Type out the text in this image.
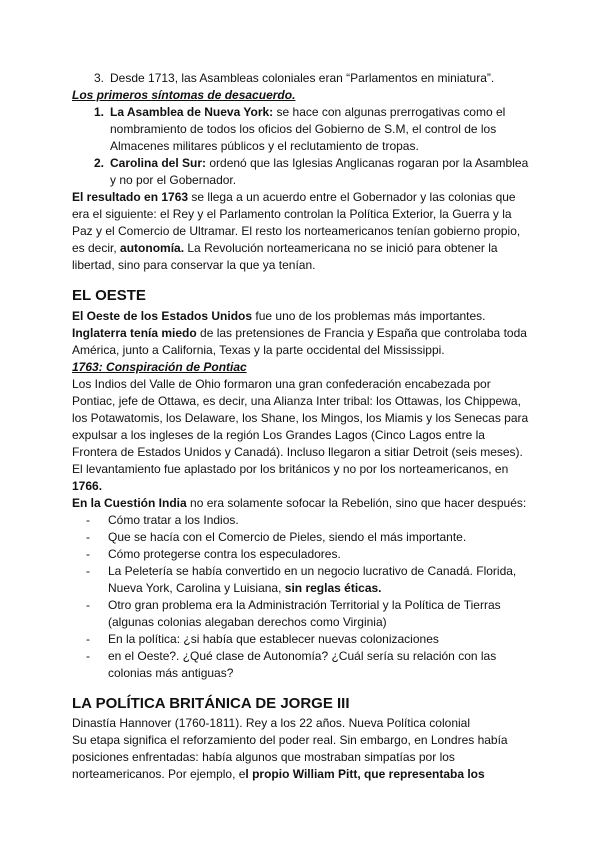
3. Desde 1713, las Asambleas coloniales eran “Parlamentos en miniatura”.

Los primeros síntomas de desacuerdo.

1. La Asamblea de Nueva York: se hace con algunas prerrogativas como el nombramiento de todos los oficios del Gobierno de S.M, el control de los Almacenes militares públicos y el reclutamiento de tropas.
2. Carolina del Sur: ordenó que las Iglesias Anglicanas rogaran por la Asamblea y no por el Gobernador.

El resultado en 1763 se llega a un acuerdo entre el Gobernador y las colonias que era el siguiente: el Rey y el Parlamento controlan la Política Exterior, la Guerra y la Paz y el Comercio de Ultramar. El resto los norteamericanos tenían gobierno propio, es decir, autonomía. La Revolución norteamericana no se inició para obtener la libertad, sino para conservar la que ya tenían.

EL OESTE

El Oeste de los Estados Unidos fue uno de los problemas más importantes.

Inglaterra tenía miedo de las pretensiones de Francia y España que controlaba toda América, junto a California, Texas y la parte occidental del Mississippi.

1763: Conspiración de Pontiac

Los Indios del Valle de Ohio formaron una gran confederación encabezada por Pontiac, jefe de Ottawa, es decir, una Alianza Inter tribal: los Ottawas, los Chippewa, los Potawatomis, los Delaware, los Shane, los Mingos, los Miamis y los Senecas para expulsar a los ingleses de la región Los Grandes Lagos (Cinco Lagos entre la Frontera de Estados Unidos y Canadá). Incluso llegaron a sitiar Detroit (seis meses). El levantamiento fue aplastado por los británicos y no por los norteamericanos, en 1766.

En la Cuestión India no era solamente sofocar la Rebelión, sino que hacer después:

-	Cómo tratar a los Indios.
-	Que se hacía con el Comercio de Pieles, siendo el más importante.
-	Cómo protegerse contra los especuladores.
-	La Peletería se había convertido en un negocio lucrativo de Canadá. Florida, Nueva York, Carolina y Luisiana, sin reglas éticas.
-	Otro gran problema era la Administración Territorial y la Política de Tierras (algunas colonias alegaban derechos como Virginia)
-	En la política: ¿si había que establecer nuevas colonizaciones
-	en el Oeste?. ¿Qué clase de Autonomía? ¿Cuál sería su relación con las colonias más antiguas?
LA POLÍTICA BRITÁNICA DE JORGE III

Dinastía Hannover (1760-1811). Rey a los 22 años. Nueva Política colonial

Su etapa significa el reforzamiento del poder real. Sin embargo, en Londres había posiciones enfrentadas: había algunos que mostraban simpatías por los norteamericanos. Por ejemplo, el propio William Pitt, que representaba los
